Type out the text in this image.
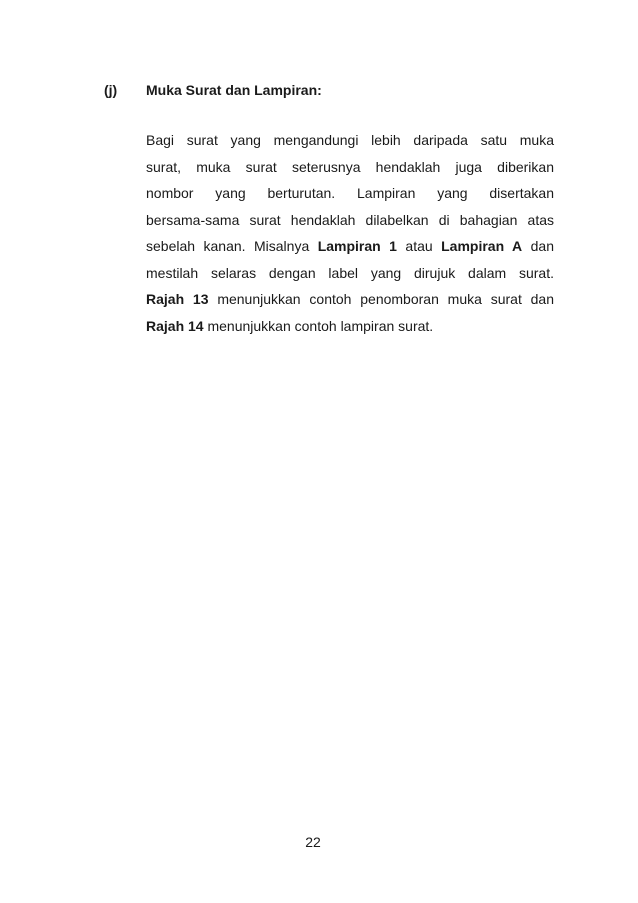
(j) Muka Surat dan Lampiran:
Bagi surat yang mengandungi lebih daripada satu muka
surat, muka surat seterusnya hendaklah juga diberikan
nombor yang berturutan. Lampiran yang disertakan
bersama-sama surat hendaklah dilabelkan di bahagian atas
sebelah kanan. Misalnya Lampiran 1 atau Lampiran A dan
mestilah selaras dengan label yang dirujuk dalam surat.
Rajah 13 menunjukkan contoh penomboran muka surat dan
Rajah 14 menunjukkan contoh lampiran surat.
22
